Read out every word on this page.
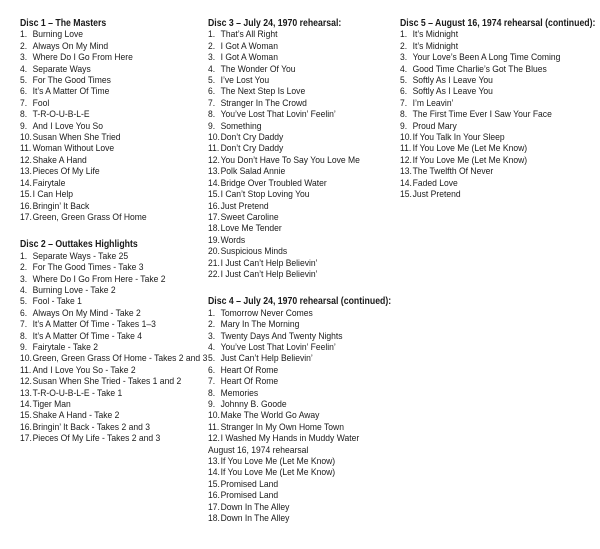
Disc 1 – The Masters
1. Burning Love
2. Always On My Mind
3. Where Do I Go From Here
4. Separate Ways
5. For The Good Times
6. It’s A Matter Of Time
7. Fool
8. T-R-O-U-B-L-E
9. And I Love You So
10.Susan When She Tried
11.Woman Without Love
12.Shake A Hand
13.Pieces Of My Life
14.Fairytale
15.I Can Help
16.Bringin’ It Back
17.Green, Green Grass Of Home
Disc 2 – Outtakes Highlights
1. Separate Ways - Take 25
2. For The Good Times - Take 3
3. Where Do I Go From Here - Take 2
4. Burning Love - Take 2
5. Fool - Take 1
6. Always On My Mind - Take 2
7. It’s A Matter Of Time - Takes 1–3
8. It’s A Matter Of Time - Take 4
9. Fairytale - Take 2
10.Green, Green Grass Of Home - Takes 2 and 3
11.And I Love You So - Take 2
12.Susan When She Tried - Takes 1 and 2
13.T-R-O-U-B-L-E - Take 1
14.Tiger Man
15.Shake A Hand - Take 2
16.Bringin’ It Back - Takes 2 and 3
17.Pieces Of My Life - Takes 2 and 3
Disc 3 – July 24, 1970 rehearsal:
1. That’s All Right
2. I Got A Woman
3. I Got A Woman
4. The Wonder Of You
5. I’ve Lost You
6. The Next Step Is Love
7. Stranger In The Crowd
8. You’ve Lost That Lovin’ Feelin’
9. Something
10.Don’t Cry Daddy
11.Don’t Cry Daddy
12.You Don’t Have To Say You Love Me
13.Polk Salad Annie
14.Bridge Over Troubled Water
15.I Can’t Stop Loving You
16.Just Pretend
17.Sweet Caroline
18.Love Me Tender
19.Words
20.Suspicious Minds
21.I Just Can’t Help Believin’
22.I Just Can’t Help Believin’
Disc 4 – July 24, 1970 rehearsal (continued):
1. Tomorrow Never Comes
2. Mary In The Morning
3. Twenty Days And Twenty Nights
4. You’ve Lost That Lovin’ Feelin’
5. Just Can’t Help Believin’
6. Heart Of Rome
7. Heart Of Rome
8. Memories
9. Johnny B. Goode
10.Make The World Go Away
11.Stranger In My Own Home Town
12.I Washed My Hands in Muddy Water
August 16, 1974 rehearsal
13.If You Love Me (Let Me Know)
14.If You Love Me (Let Me Know)
15.Promised Land
16.Promised Land
17.Down In The Alley
18.Down In The Alley
Disc 5 – August 16, 1974 rehearsal (continued):
1. It’s Midnight
2. It’s Midnight
3. Your Love’s Been A Long Time Coming
4. Good Time Charlie’s Got The Blues
5. Softly As I Leave You
6. Softly As I Leave You
7. I’m Leavin’
8. The First Time Ever I Saw Your Face
9. Proud Mary
10.If You Talk In Your Sleep
11.If You Love Me (Let Me Know)
12.If You Love Me (Let Me Know)
13.The Twelfth Of Never
14.Faded Love
15.Just Pretend
